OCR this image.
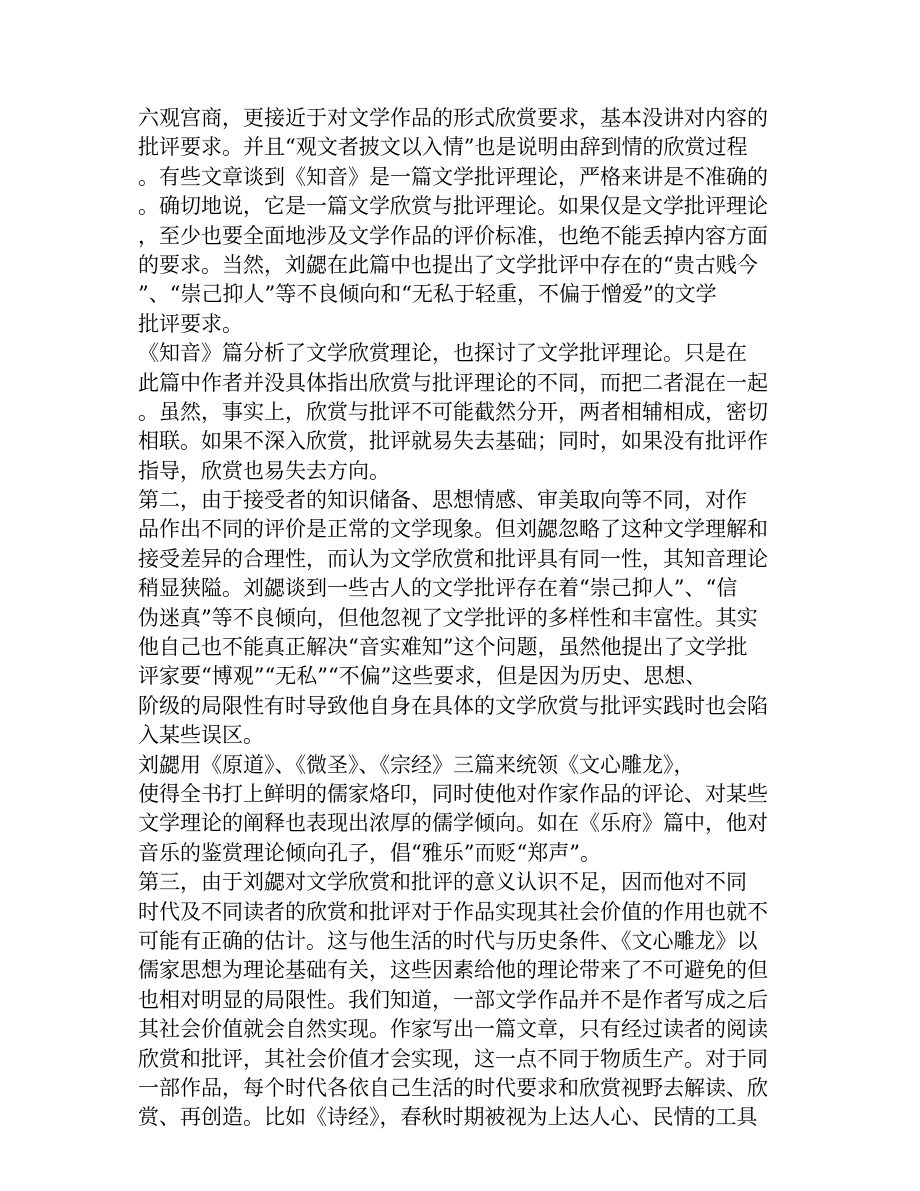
六观宫商，更接近于对文学作品的形式欣赏要求，基本没讲对内容的
批评要求。并且“观文者披文以入情”也是说明由辞到情的欣赏过程
。有些文章谈到《知音》是一篇文学批评理论，严格来讲是不准确的
。确切地说，它是一篇文学欣赏与批评理论。如果仅是文学批评理论
，至少也要全面地涉及文学作品的评价标准，也绝不能丢掉内容方面
的要求。当然，刘勰在此篇中也提出了文学批评中存在的“贵古贱今
”、“崇己抑人”等不良倾向和“无私于轻重，不偏于憎爱”的文学
批评要求。
《知音》篇分析了文学欣赏理论，也探讨了文学批评理论。只是在
此篇中作者并没具体指出欣赏与批评理论的不同，而把二者混在一起
。虽然，事实上，欣赏与批评不可能截然分开，两者相辅相成，密切
相联。如果不深入欣赏，批评就易失去基础；同时，如果没有批评作
指导，欣赏也易失去方向。
第二，由于接受者的知识储备、思想情感、审美取向等不同，对作
品作出不同的评价是正常的文学现象。但刘勰忽略了这种文学理解和
接受差异的合理性，而认为文学欣赏和批评具有同一性，其知音理论
稍显狭隘。刘勰谈到一些古人的文学批评存在着“崇己抑人”、“信
伪迷真”等不良倾向，但他忽视了文学批评的多样性和丰富性。其实
他自己也不能真正解决“音实难知”这个问题，虽然他提出了文学批
评家要“博观”“无私”“不偏”这些要求，但是因为历史、思想、
阶级的局限性有时导致他自身在具体的文学欣赏与批评实践时也会陷
入某些误区。
刘勰用《原道》、《微圣》、《宗经》三篇来统领《文心雕龙》，
使得全书打上鲜明的儒家烙印，同时使他对作家作品的评论、对某些
文学理论的阐释也表现出浓厚的儒学倾向。如在《乐府》篇中，他对
音乐的鉴赏理论倾向孔子，倡“雅乐”而贬“郑声”。
第三，由于刘勰对文学欣赏和批评的意义认识不足，因而他对不同
时代及不同读者的欣赏和批评对于作品实现其社会价值的作用也就不
可能有正确的估计。这与他生活的时代与历史条件、《文心雕龙》以
儒家思想为理论基础有关，这些因素给他的理论带来了不可避免的但
也相对明显的局限性。我们知道，一部文学作品并不是作者写成之后
其社会价值就会自然实现。作家写出一篇文章，只有经过读者的阅读
欣赏和批评，其社会价值才会实现，这一点不同于物质生产。对于同
一部作品，每个时代各依自己生活的时代要求和欣赏视野去解读、欣
赏、再创造。比如《诗经》，春秋时期被视为上达人心、民情的工具
